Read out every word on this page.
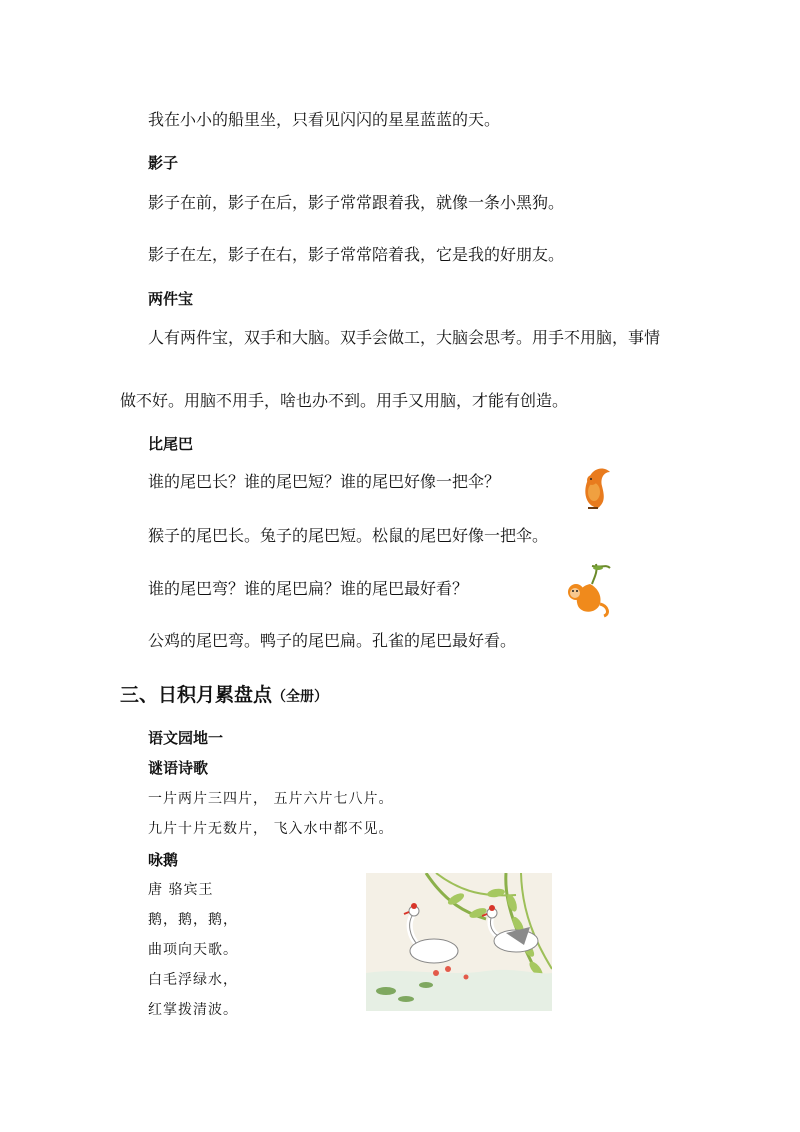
我在小小的船里坐，只看见闪闪的星星蓝蓝的天。
影子
影子在前，影子在后，影子常常跟着我，就像一条小黑狗。
影子在左，影子在右，影子常常陪着我，它是我的好朋友。
两件宝
人有两件宝，双手和大脑。双手会做工，大脑会思考。用手不用脑，事情
做不好。用脑不用手，啥也办不到。用手又用脑，才能有创造。
比尾巴
谁的尾巴长？谁的尾巴短？谁的尾巴好像一把伞？
猴子的尾巴长。兔子的尾巴短。松鼠的尾巴好像一把伞。
谁的尾巴弯？谁的尾巴扁？谁的尾巴最好看？
公鸡的尾巴弯。鸭子的尾巴扁。孔雀的尾巴最好看。
三、日积月累盘点（全册）
语文园地一
谜语诗歌
一片两片三四片， 五片六片七八片。
九片十片无数片， 飞入水中都不见。
咏鹅
唐 骆宾王
鹅，鹅，鹅，
曲项向天歌。
白毛浮绿水，
红掌拨清波。
